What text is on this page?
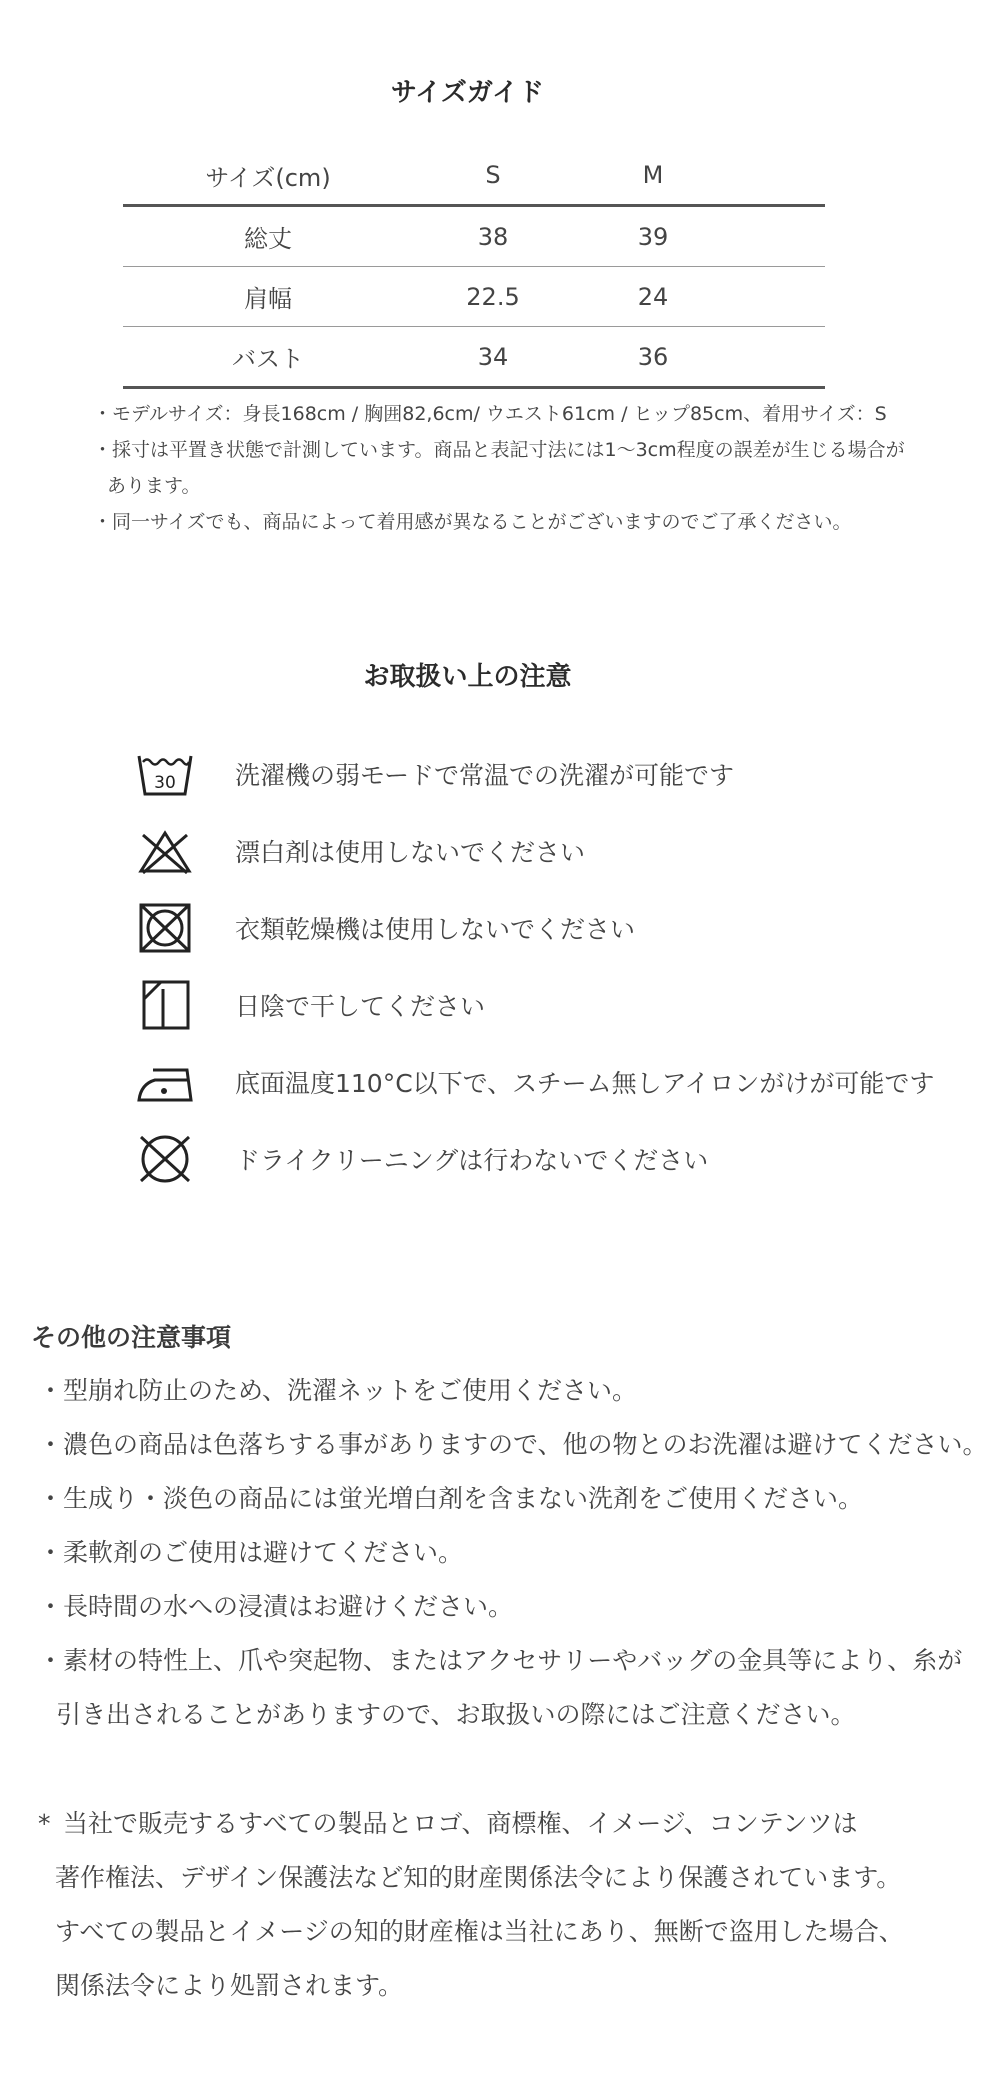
サイズガイド

サイズ(cm)	S	M	
総丈	38	39	
肩幅	22.5	24	
バスト	34	36	
・モデルサイズ：身長168cm / 胸囲82,6cm/ ウエスト61cm / ヒップ85cm、着用サイズ：S
・採寸は平置き状態で計測しています。商品と表記寸法には1〜3cm程度の誤差が生じる場合があります。
・同一サイズでも、商品によって着用感が異なることがございますのでご了承ください。
お取扱い上の注意
30 洗濯機の弱モードで常温での洗濯が可能です
漂白剤は使用しないでください
衣類乾燥機は使用しないでください
日陰で干してください
底面温度110°C以下で、スチーム無しアイロンがけが可能です
ドライクリーニングは行わないでください
その他の注意事項
・型崩れ防止のため、洗濯ネットをご使用ください。
・濃色の商品は色落ちする事がありますので、他の物とのお洗濯は避けてください。
・生成り・淡色の商品には蛍光増白剤を含まない洗剤をご使用ください。
・柔軟剤のご使用は避けてください。
・長時間の水への浸漬はお避けください。
・素材の特性上、爪や突起物、またはアクセサリーやバッグの金具等により、糸が
引き出されることがありますので、お取扱いの際にはご注意ください。
* 当社で販売するすべての製品とロゴ、商標権、イメージ、コンテンツは
著作権法、デザイン保護法など知的財産関係法令により保護されています。
すべての製品とイメージの知的財産権は当社にあり、無断で盗用した場合、
関係法令により処罰されます。
